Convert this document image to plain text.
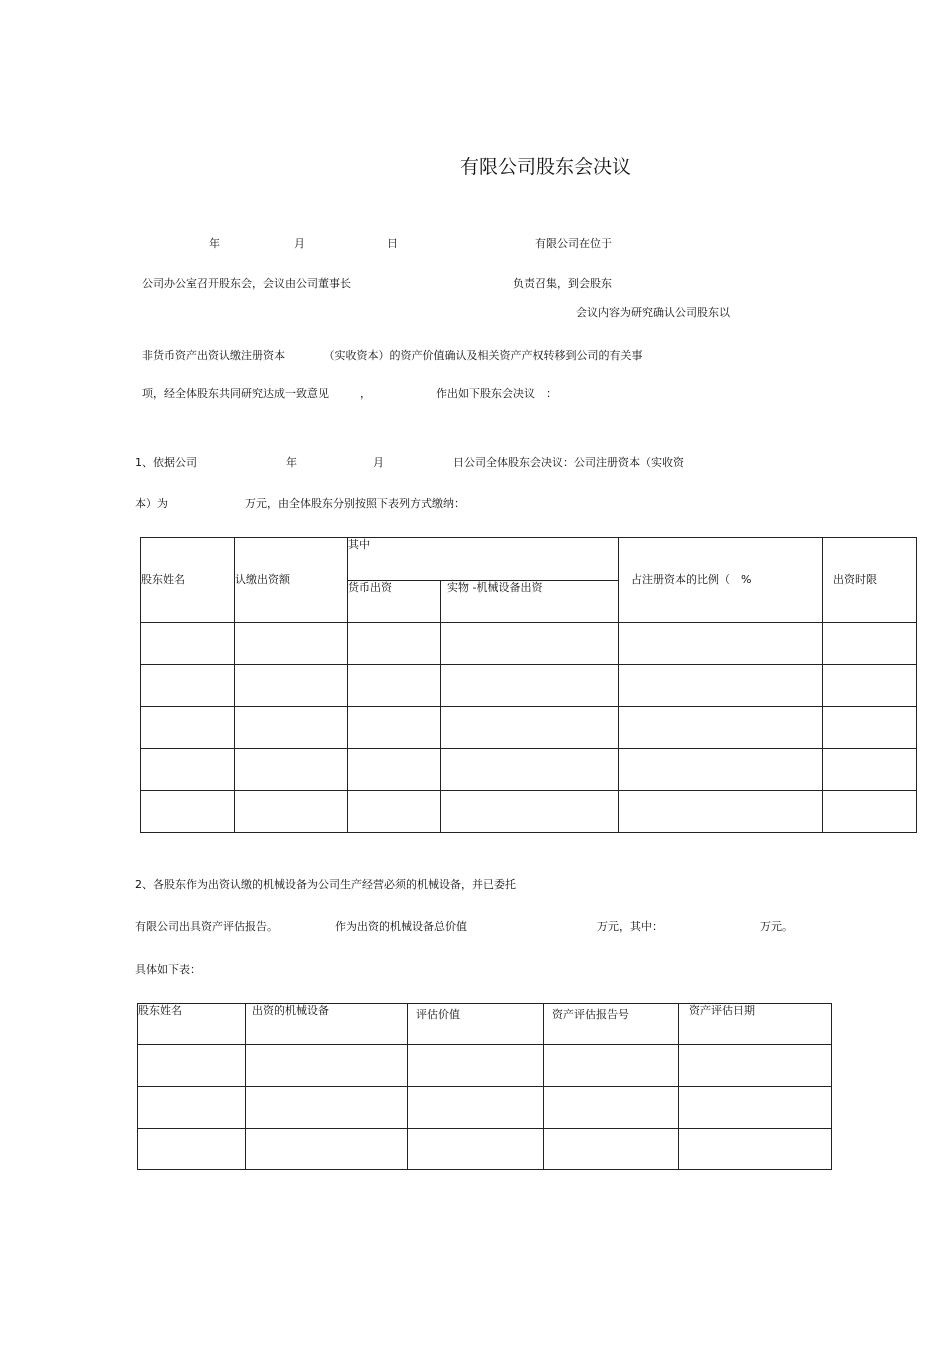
有限公司股东会决议
年	月	日	有限公司在位于
公司办公室召开股东会，会议由公司董事长	负责召集，到会股东
会议内容为研究确认公司股东以
非货币资产出资认缴注册资本　　　　（实收资本）的资产价值确认及相关资产产权转移到公司的有关事
项，经全体股东共同研究达成一致意见	，	作出如下股东会决议　：
1、依据公司	年	月	日公司全体股东会决议：公司注册资本（实收资
本）为	万元，由全体股东分别按照下表列方式缴纳：
股东姓名	认缴出资额	其中		占注册资本的比例（　%	出资时限
		货币出资	实物 -机械设备出资		

2、各股东作为出资认缴的机械设备为公司生产经营必须的机械设备，并已委托
有限公司出具资产评估报告。	作为出资的机械设备总价值	万元，其中：	万元。
具体如下表：
股东姓名	出资的机械设备	评估价值	资产评估报告号	资产评估日期
